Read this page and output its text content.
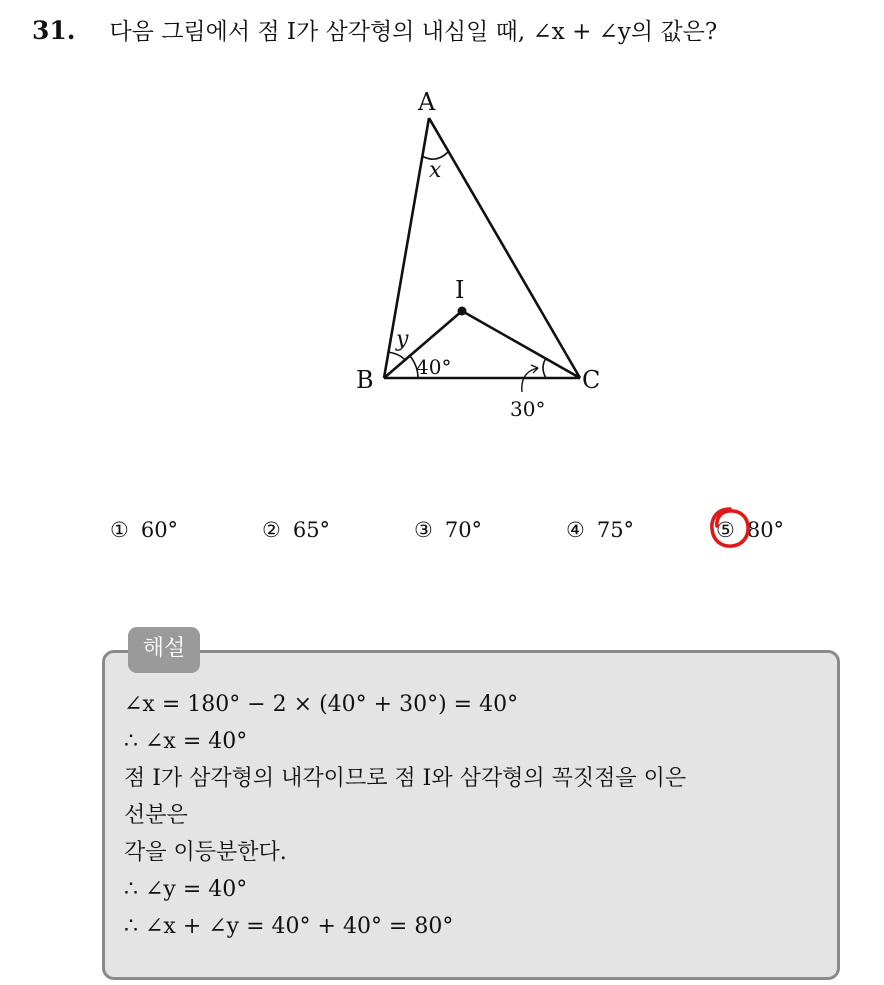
31. 다음 그림에서 점 I가 삼각형의 내심일 때, ∠x + ∠y의 값은?
A
B	C
I
x
y
40°
30°
① 60°	② 65°	③ 70°	④ 75°	⑤ 80°
해설
∠x = 180° − 2 × (40° + 30°) = 40°
∴ ∠x = 40°
점 I가 삼각형의 내각이므로 점 I와 삼각형의 꼭짓점을 이은
선분은
각을 이등분한다.
∴ ∠y = 40°
∴ ∠x + ∠y = 40° + 40° = 80°
